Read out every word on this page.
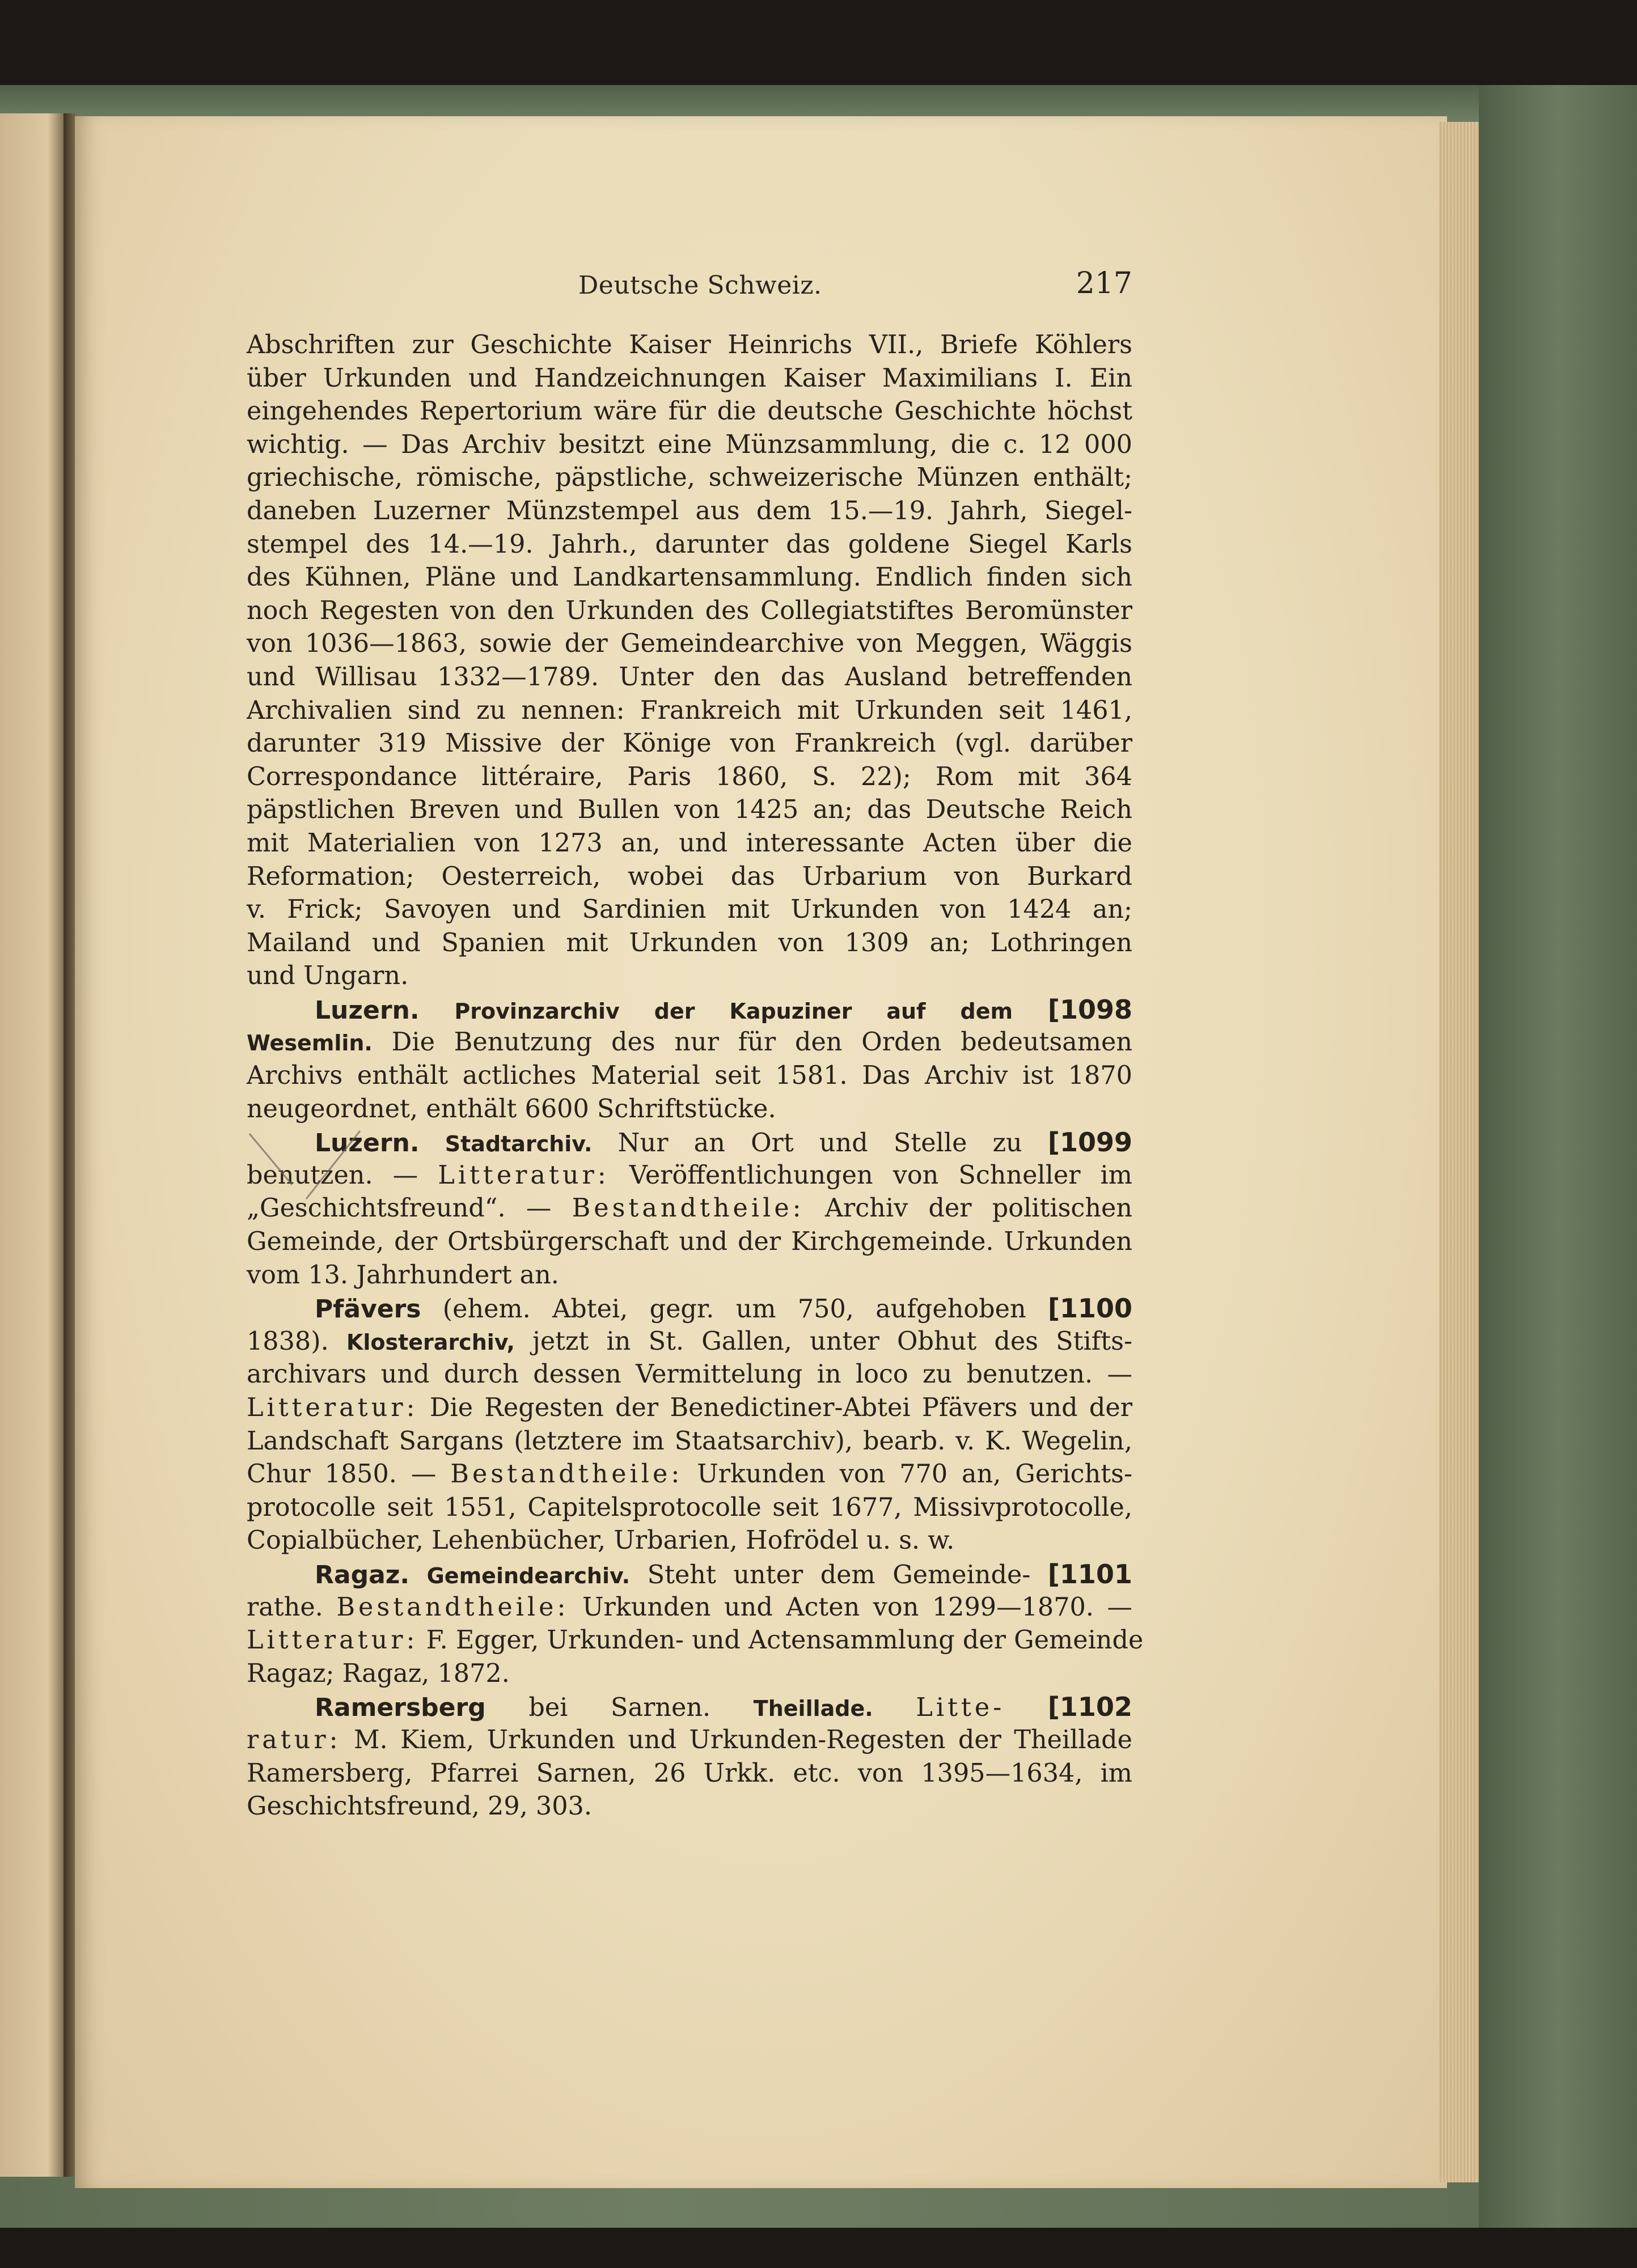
Deutsche Schweiz.	217
Abschriften zur Geschichte Kaiser Heinrichs VII., Briefe Köhlers
über Urkunden und Handzeichnungen Kaiser Maximilians I. Ein
eingehendes Repertorium wäre für die deutsche Geschichte höchst
wichtig. — Das Archiv besitzt eine Münzsammlung, die c. 12 000
griechische, römische, päpstliche, schweizerische Münzen enthält;
daneben Luzerner Münzstempel aus dem 15.—19. Jahrh, Siegel-
stempel des 14.—19. Jahrh., darunter das goldene Siegel Karls
des Kühnen, Pläne und Landkartensammlung. Endlich finden sich
noch Regesten von den Urkunden des Collegiatstiftes Beromünster
von 1036—1863, sowie der Gemeindearchive von Meggen, Wäggis
und Willisau 1332—1789. Unter den das Ausland betreffenden
Archivalien sind zu nennen: Frankreich mit Urkunden seit 1461,
darunter 319 Missive der Könige von Frankreich (vgl. darüber
Correspondance littéraire, Paris 1860, S. 22); Rom mit 364
päpstlichen Breven und Bullen von 1425 an; das Deutsche Reich
mit Materialien von 1273 an, und interessante Acten über die
Reformation; Oesterreich, wobei das Urbarium von Burkard
v. Frick; Savoyen und Sardinien mit Urkunden von 1424 an;
Mailand und Spanien mit Urkunden von 1309 an; Lothringen
und Ungarn.
Luzern. Provinzarchiv der Kapuziner auf dem [1098
Wesemlin. Die Benutzung des nur für den Orden bedeutsamen
Archivs enthält actliches Material seit 1581. Das Archiv ist 1870
neugeordnet, enthält 6600 Schriftstücke.
Luzern. Stadtarchiv. Nur an Ort und Stelle zu [1099
benutzen. — Litteratur: Veröffentlichungen von Schneller im
„Geschichtsfreund“. — Bestandtheile: Archiv der politischen
Gemeinde, der Ortsbürgerschaft und der Kirchgemeinde. Urkunden
vom 13. Jahrhundert an.
Pfävers (ehem. Abtei, gegr. um 750, aufgehoben [1100
1838). Klosterarchiv, jetzt in St. Gallen, unter Obhut des Stifts-
archivars und durch dessen Vermittelung in loco zu benutzen. —
Litteratur: Die Regesten der Benedictiner-Abtei Pfävers und der
Landschaft Sargans (letztere im Staatsarchiv), bearb. v. K. Wegelin,
Chur 1850. — Bestandtheile: Urkunden von 770 an, Gerichts-
protocolle seit 1551, Capitelsprotocolle seit 1677, Missivprotocolle,
Copialbücher, Lehenbücher, Urbarien, Hofrödel u. s. w.
Ragaz. Gemeindearchiv. Steht unter dem Gemeinde- [1101
rathe. Bestandtheile: Urkunden und Acten von 1299—1870. —
Litteratur: F. Egger, Urkunden- und Actensammlung der Gemeinde
Ragaz; Ragaz, 1872.
Ramersberg bei Sarnen. Theillade. Litte- [1102
ratur: M. Kiem, Urkunden und Urkunden-Regesten der Theillade
Ramersberg, Pfarrei Sarnen, 26 Urkk. etc. von 1395—1634, im
Geschichtsfreund, 29, 303.
